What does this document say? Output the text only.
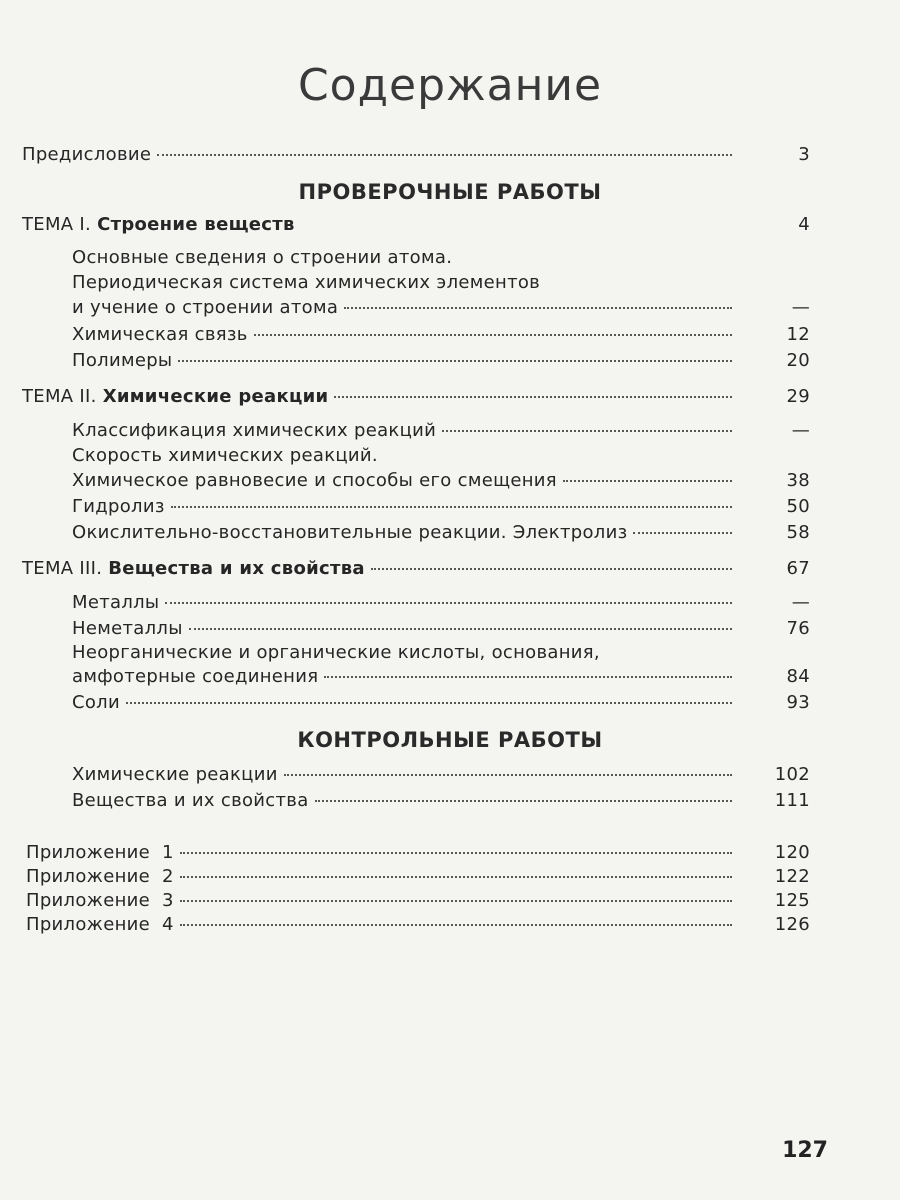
Содержание
Предисловие	3
ПРОВЕРОЧНЫЕ РАБОТЫ
ТЕМА I. Строение веществ	4
Основные сведения о строении атома.
Периодическая система химических элементов
и учение о строении атома	—
Химическая связь	12
Полимеры	20
ТЕМА II. Химические реакции	29
Классификация химических реакций	—
Скорость химических реакций.
Химическое равновесие и способы его смещения	38
Гидролиз	50
Окислительно-восстановительные реакции. Электролиз	58
ТЕМА III. Вещества и их свойства	67
Металлы	—
Неметаллы	76
Неорганические и органические кислоты, основания,
амфотерные соединения	84
Соли	93
КОНТРОЛЬНЫЕ РАБОТЫ
Химические реакции	102
Вещества и их свойства	111
Приложение  1	120
Приложение  2	122
Приложение  3	125
Приложение  4	126
127
